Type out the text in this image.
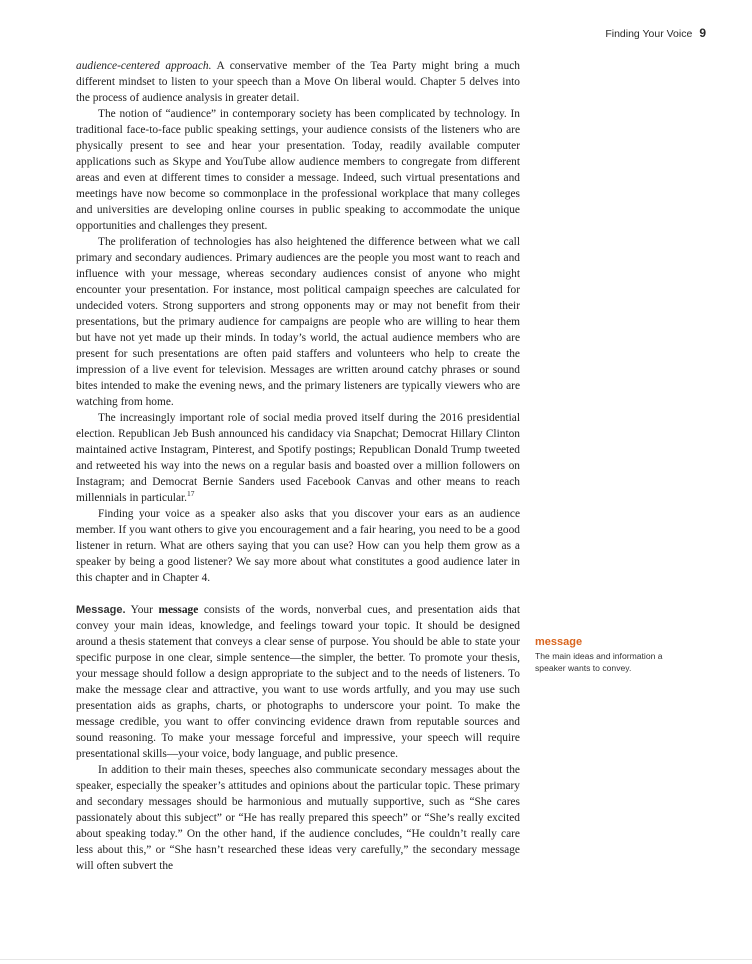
Finding Your Voice 9

audience-centered approach. A conservative member of the Tea Party might bring a much different mindset to listen to your speech than a Move On liberal would. Chapter 5 delves into the process of audience analysis in greater detail.

The notion of “audience” in contemporary society has been complicated by technology. In traditional face-to-face public speaking settings, your audience consists of the listeners who are physically present to see and hear your presentation. Today, readily available computer applications such as Skype and YouTube allow audience members to congregate from different areas and even at different times to consider a message. Indeed, such virtual presentations and meetings have now become so commonplace in the professional workplace that many colleges and universities are developing online courses in public speaking to accommodate the unique opportunities and challenges they present.

The proliferation of technologies has also heightened the difference between what we call primary and secondary audiences. Primary audiences are the people you most want to reach and influence with your message, whereas secondary audiences consist of anyone who might encounter your presentation. For instance, most political campaign speeches are calculated for undecided voters. Strong supporters and strong opponents may or may not benefit from their presentations, but the primary audience for campaigns are people who are willing to hear them but have not yet made up their minds. In today’s world, the actual audience members who are present for such presentations are often paid staffers and volunteers who help to create the impression of a live event for television. Messages are written around catchy phrases or sound bites intended to make the evening news, and the primary listeners are typically viewers who are watching from home.

The increasingly important role of social media proved itself during the 2016 presidential election. Republican Jeb Bush announced his candidacy via Snapchat; Democrat Hillary Clinton maintained active Instagram, Pinterest, and Spotify postings; Republican Donald Trump tweeted and retweeted his way into the news on a regular basis and boasted over a million followers on Instagram; and Democrat Bernie Sanders used Facebook Canvas and other means to reach millennials in particular.$^{17}$

Finding your voice as a speaker also asks that you discover your ears as an audience member. If you want others to give you encouragement and a fair hearing, you need to be a good listener in return. What are others saying that you can use? How can you help them grow as a speaker by being a good listener? We say more about what constitutes a good audience later in this chapter and in Chapter 4.

Message. Your message consists of the words, nonverbal cues, and presentation aids that convey your main ideas, knowledge, and feelings toward your topic. It should be designed around a thesis statement that conveys a clear sense of purpose. You should be able to state your specific purpose in one clear, simple sentence—the simpler, the better. To promote your thesis, your message should follow a design appropriate to the subject and to the needs of listeners. To make the message clear and attractive, you want to use words artfully, and you may use such presentation aids as graphs, charts, or photographs to underscore your point. To make the message credible, you want to offer convincing evidence drawn from reputable sources and sound reasoning. To make your message forceful and impressive, your speech will require presentational skills—your voice, body language, and public presence.

In addition to their main theses, speeches also communicate secondary messages about the speaker, especially the speaker’s attitudes and opinions about the particular topic. These primary and secondary messages should be harmonious and mutually supportive, such as “She cares passionately about this subject” or “He has really prepared this speech” or “She’s really excited about speaking today.” On the other hand, if the audience concludes, “He couldn’t really care less about this,” or “She hasn’t researched these ideas very carefully,” the secondary message will often subvert the

message
The main ideas and information a speaker wants to convey.
